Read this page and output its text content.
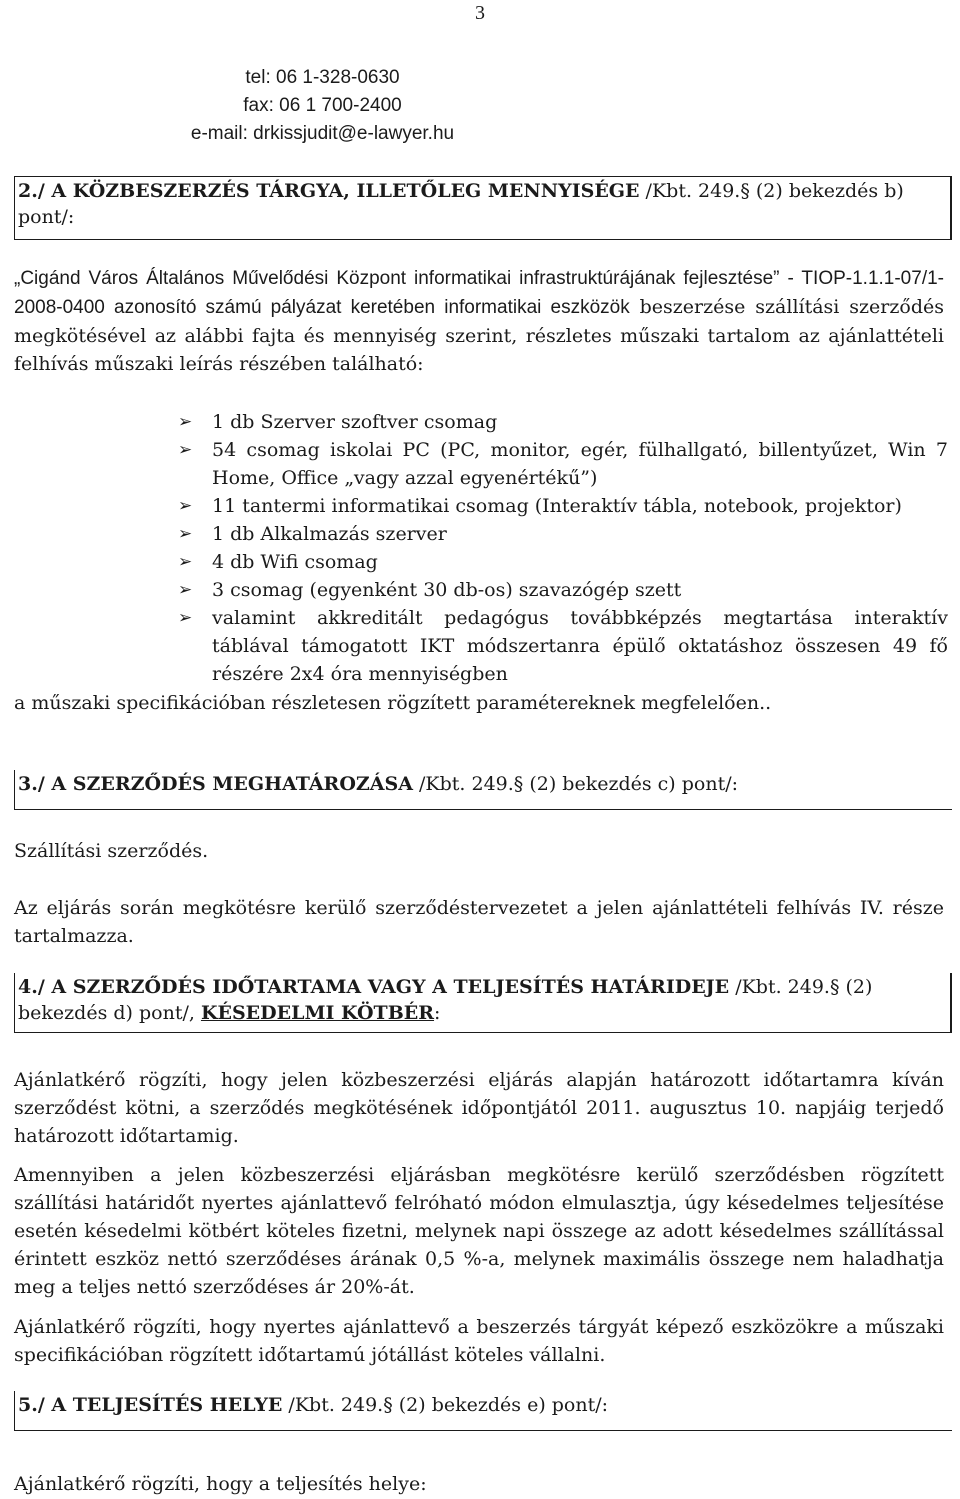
3
tel: 06 1-328-0630
fax: 06 1 700-2400
e-mail: drkissjudit@e-lawyer.hu
2./ A KÖZBESZERZÉS TÁRGYA, ILLETŐLEG MENNYISÉGE /Kbt. 249.§ (2) bekezdés b) pont/:
„Cigánd Város Általános Művelődési Központ informatikai infrastruktúrájának fejlesztése” - TIOP-1.1.1-07/1-2008-0400 azonosító számú pályázat keretében informatikai eszközök beszerzése szállítási szerződés megkötésével az alábbi fajta és mennyiség szerint, részletes műszaki tartalom az ajánlattételi felhívás műszaki leírás részében található:
➢ 1 db Szerver szoftver csomag
➢ 54 csomag iskolai PC (PC, monitor, egér, fülhallgató, billentyűzet, Win 7 Home, Office „vagy azzal egyenértékű”)
➢ 11 tantermi informatikai csomag (Interaktív tábla, notebook, projektor)
➢ 1 db Alkalmazás szerver
➢ 4 db Wifi csomag
➢ 3 csomag (egyenként 30 db-os) szavazógép szett
➢ valamint akkreditált pedagógus továbbképzés megtartása interaktív táblával támogatott IKT módszertanra épülő oktatáshoz összesen 49 fő részére 2x4 óra mennyiségben
a műszaki specifikációban részletesen rögzített paramétereknek megfelelően..
3./ A SZERZŐDÉS MEGHATÁROZÁSA /Kbt. 249.§ (2) bekezdés c) pont/:
Szállítási szerződés.
Az eljárás során megkötésre kerülő szerződéstervezetet a jelen ajánlattételi felhívás IV. része tartalmazza.
4./ A SZERZŐDÉS IDŐTARTAMA VAGY A TELJESÍTÉS HATÁRIDEJE /Kbt. 249.§ (2) bekezdés d) pont/, KÉSEDELMI KÖTBÉR:
Ajánlatkérő rögzíti, hogy jelen közbeszerzési eljárás alapján határozott időtartamra kíván szerződést kötni, a szerződés megkötésének időpontjától 2011. augusztus 10. napjáig terjedő határozott időtartamig.
Amennyiben a jelen közbeszerzési eljárásban megkötésre kerülő szerződésben rögzített szállítási határidőt nyertes ajánlattevő felróható módon elmulasztja, úgy késedelmes teljesítése esetén késedelmi kötbért köteles fizetni, melynek napi összege az adott késedelmes szállítással érintett eszköz nettó szerződéses árának 0,5 %-a, melynek maximális összege nem haladhatja meg a teljes nettó szerződéses ár 20%-át.
Ajánlatkérő rögzíti, hogy nyertes ajánlattevő a beszerzés tárgyát képező eszközökre a műszaki specifikációban rögzített időtartamú jótállást köteles vállalni.
5./ A TELJESÍTÉS HELYE /Kbt. 249.§ (2) bekezdés e) pont/:
Ajánlatkérő rögzíti, hogy a teljesítés helye:
